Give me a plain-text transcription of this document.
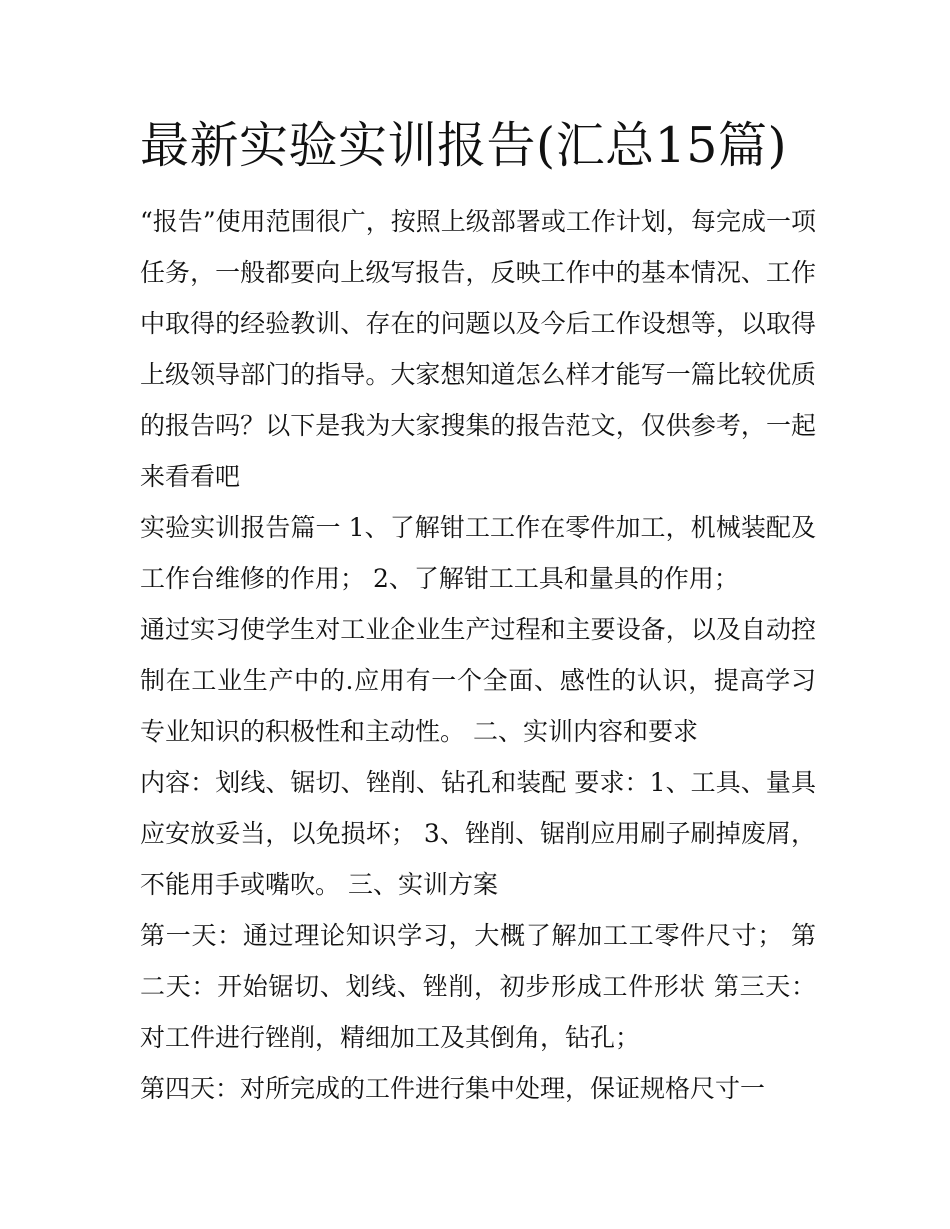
最新实验实训报告(汇总15篇)

“报告”使用范围很广，按照上级部署或工作计划，每完成一项任务，一般都要向上级写报告，反映工作中的基本情况、工作中取得的经验教训、存在的问题以及今后工作设想等，以取得上级领导部门的指导。大家想知道怎么样才能写一篇比较优质的报告吗？以下是我为大家搜集的报告范文，仅供参考，一起来看看吧

实验实训报告篇一 1、了解钳工工作在零件加工，机械装配及工作台维修的作用； 2、了解钳工工具和量具的作用；

通过实习使学生对工业企业生产过程和主要设备，以及自动控制在工业生产中的.应用有一个全面、感性的认识，提高学习专业知识的积极性和主动性。 二、实训内容和要求

内容：划线、锯切、锉削、钻孔和装配 要求：1、工具、量具应安放妥当，以免损坏； 3、锉削、锯削应用刷子刷掉废屑，不能用手或嘴吹。 三、实训方案

第一天：通过理论知识学习，大概了解加工工零件尺寸； 第二天：开始锯切、划线、锉削，初步形成工件形状 第三天：对工件进行锉削，精细加工及其倒角，钻孔；

第四天：对所完成的工件进行集中处理，保证规格尺寸一
